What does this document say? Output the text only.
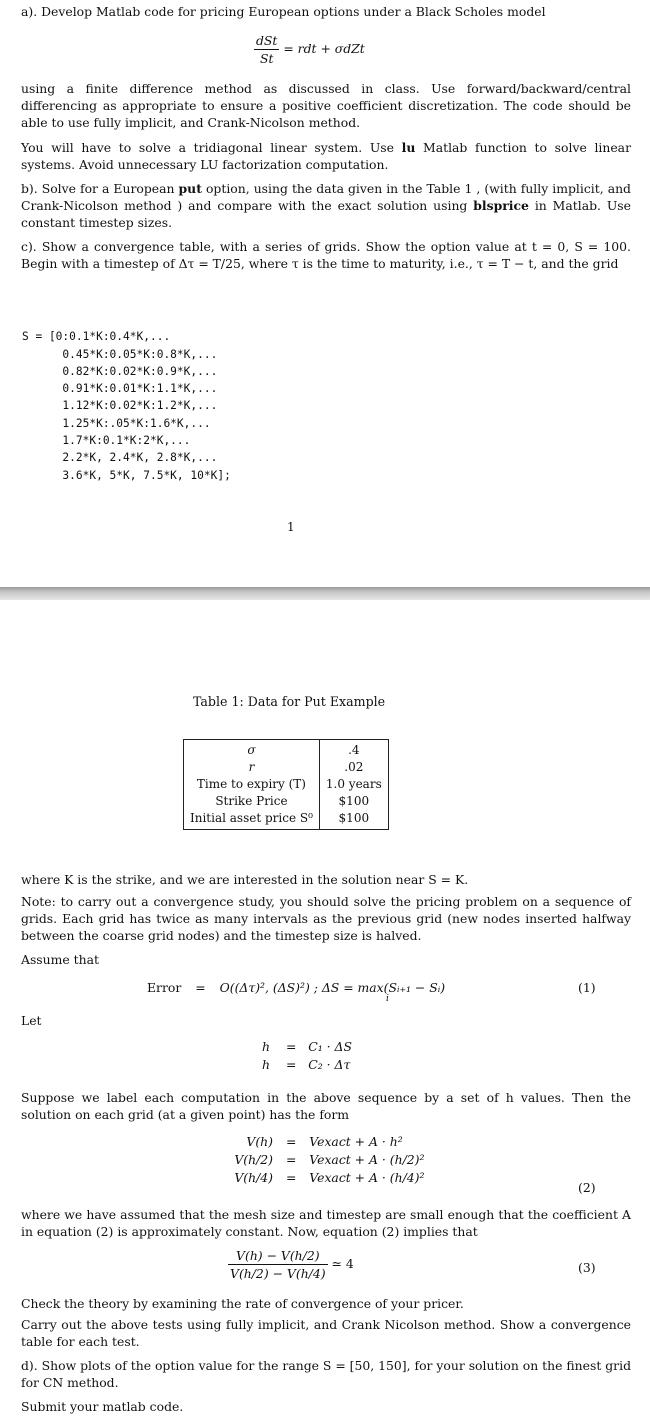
a). Develop Matlab code for pricing European options under a Black Scholes model

$\frac{\text{dSt}}{St}$ = rdt + σdZt

using a finite difference method as discussed in class. Use forward/backward/central differencing as appropriate to ensure a positive coefficient discretization. The code should be able to use fully implicit, and Crank-Nicolson method.

You will have to solve a tridiagonal linear system. Use lu Matlab function to solve linear systems. Avoid unnecessary LU factorization computation.

b). Solve for a European put option, using the data given in the Table 1 , (with fully implicit, and Crank-Nicolson method ) and compare with the exact solution using blsprice in Matlab. Use constant timestep sizes.

c). Show a convergence table, with a series of grids. Show the option value at t = 0, S = 100. Begin with a timestep of Δτ = T/25, where τ is the time to maturity, i.e., τ = T − t, and the grid

S = [0:0.1*K:0.4*K,...
0.45*K:0.05*K:0.8*K,...
0.82*K:0.02*K:0.9*K,...
0.91*K:0.01*K:1.1*K,...
1.12*K:0.02*K:1.2*K,...
1.25*K:.05*K:1.6*K,...
1.7*K:0.1*K:2*K,...
2.2*K, 2.4*K, 2.8*K,...
3.6*K, 5*K, 7.5*K, 10*K];

1
Table 1: Data for Put Example
σ	.4
r	.02
Time to expiry (T)	1.0 years
Strike Price	$100
Initial asset price S⁰	$100

where K is the strike, and we are interested in the solution near S = K.

Note: to carry out a convergence study, you should solve the pricing problem on a sequence of grids. Each grid has twice as many intervals as the previous grid (new nodes inserted halfway between the coarse grid nodes) and the timestep size is halved.

Assume that

Error = O((Δτ)², (ΔS)²) ; ΔS = max(Sᵢ₊₁ − Sᵢ)
i
(1)

Let

h = C₁ · ΔS
h = C₂ · Δτ

Suppose we label each computation in the above sequence by a set of h values. Then the solution on each grid (at a given point) has the form

V(h) = Vexact + A · h²
V(h/2) = Vexact + A · (h/2)²
V(h/4) = Vexact + A · (h/4)²
(2)

where we have assumed that the mesh size and timestep are small enough that the coefficient A in equation (2) is approximately constant. Now, equation (2) implies that

$\frac{V(h) - V(h/2)}{V(h/2) - V(h/4)}$ ≃ 4	(3)

Check the theory by examining the rate of convergence of your pricer.

Carry out the above tests using fully implicit, and Crank Nicolson method. Show a convergence table for each test.

d). Show plots of the option value for the range S = [50, 150], for your solution on the finest grid for CN method.

Submit your matlab code.
